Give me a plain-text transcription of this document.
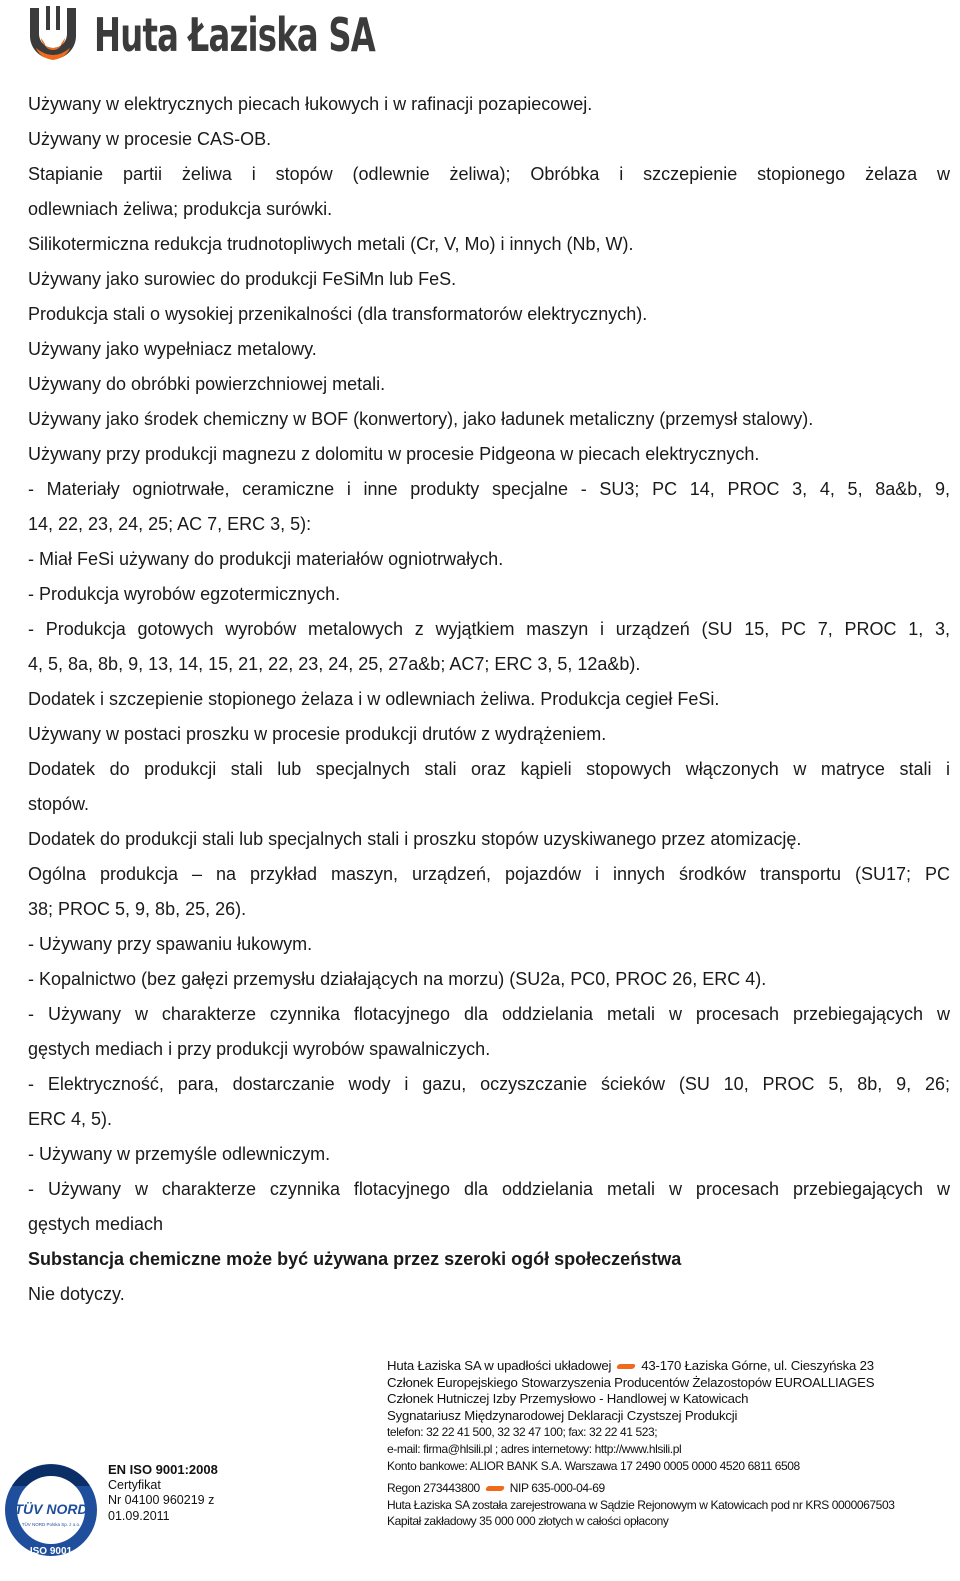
Huta Łaziska SA
Używany w elektrycznych piecach łukowych i w rafinacji pozapiecowej.
Używany w procesie CAS-OB.
Stapianie partii żeliwa i stopów (odlewnie żeliwa); Obróbka i szczepienie stopionego żelaza w
odlewniach żeliwa; produkcja surówki.
Silikotermiczna redukcja trudnotopliwych metali (Cr, V, Mo) i innych (Nb, W).
Używany jako surowiec do produkcji FeSiMn lub FeS.
Produkcja stali o wysokiej przenikalności (dla transformatorów elektrycznych).
Używany jako wypełniacz metalowy.
Używany do obróbki powierzchniowej metali.
Używany jako środek chemiczny w BOF (konwertory), jako ładunek metaliczny (przemysł stalowy).
Używany przy produkcji magnezu z dolomitu w procesie Pidgeona w piecach elektrycznych.
- Materiały ogniotrwałe, ceramiczne i inne produkty specjalne - SU3; PC 14, PROC 3, 4, 5, 8a&b, 9,
14, 22, 23, 24, 25; AC 7, ERC 3, 5):
- Miał FeSi używany do produkcji materiałów ogniotrwałych.
- Produkcja wyrobów egzotermicznych.
- Produkcja gotowych wyrobów metalowych z wyjątkiem maszyn i urządzeń (SU 15, PC 7, PROC 1, 3,
4, 5, 8a, 8b, 9, 13, 14, 15, 21, 22, 23, 24, 25, 27a&b; AC7; ERC 3, 5, 12a&b).
Dodatek i szczepienie stopionego żelaza i w odlewniach żeliwa. Produkcja cegieł FeSi.
Używany w postaci proszku w procesie produkcji drutów z wydrążeniem.
Dodatek do produkcji stali lub specjalnych stali oraz kąpieli stopowych włączonych w matryce stali i
stopów.
Dodatek do produkcji stali lub specjalnych stali i proszku stopów uzyskiwanego przez atomizację.
Ogólna produkcja – na przykład maszyn, urządzeń, pojazdów i innych środków transportu (SU17; PC
38; PROC 5, 9, 8b, 25, 26).
- Używany przy spawaniu łukowym.
- Kopalnictwo (bez gałęzi przemysłu działających na morzu) (SU2a, PC0, PROC 26, ERC 4).
- Używany w charakterze czynnika flotacyjnego dla oddzielania metali w procesach przebiegających w
gęstych mediach i przy produkcji wyrobów spawalniczych.
- Elektryczność, para, dostarczanie wody i gazu, oczyszczanie ścieków (SU 10, PROC 5, 8b, 9, 26;
ERC 4, 5).
- Używany w przemyśle odlewniczym.
- Używany w charakterze czynnika flotacyjnego dla oddzielania metali w procesach przebiegających w
gęstych mediach
Substancja chemiczne może być używana przez szeroki ogół społeczeństwa
Nie dotyczy.
Huta Łaziska SA w upadłości układowej 43-170 Łaziska Górne, ul. Cieszyńska 23
Członek Europejskiego Stowarzyszenia Producentów Żelazostopów EUROALLIAGES
Członek Hutniczej Izby Przemysłowo - Handlowej w Katowicach
Sygnatariusz Międzynarodowej Deklaracji Czystszej Produkcji
telefon: 32 22 41 500, 32 32 47 100; fax: 32 22 41 523;
e-mail: firma@hlsili.pl ; adres internetowy: http://www.hlsili.pl
Konto bankowe: ALIOR BANK S.A. Warszawa 17 2490 0005 0000 4520 6811 6508
Regon 273443800	NIP 635-000-04-69
Huta Łaziska SA została zarejestrowana w Sądzie Rejonowym w Katowicach pod nr KRS 0000067503
Kapitał zakładowy 35 000 000 złotych w całości opłacony
TÜV NORD
TÜV NORD Polska Sp. z o.o.
ISO 9001
EN ISO 9001:2008
Certyfikat
Nr 04100 960219 z
01.09.2011
